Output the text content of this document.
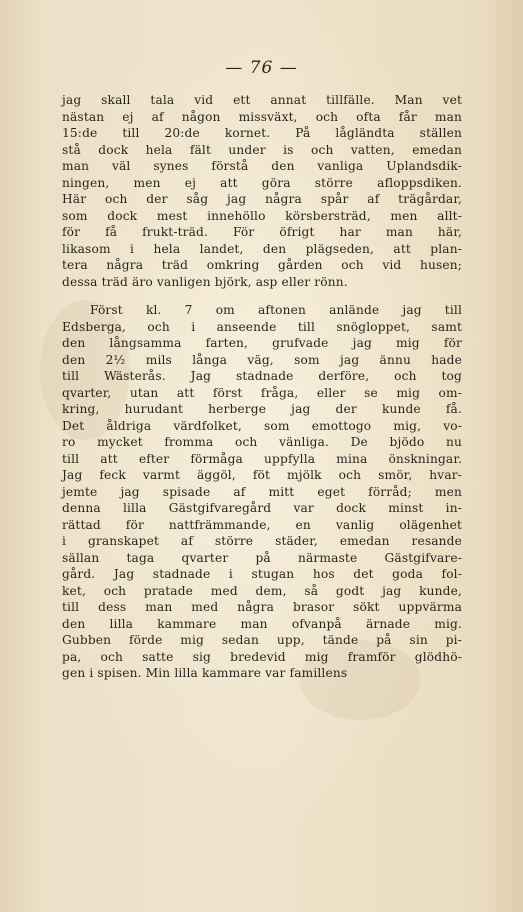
— 76 —
jag skall tala vid ett annat tillfälle. Man vet
nästan ej af någon missväxt, och ofta får man
15:de till 20:de kornet. På lågländta ställen
stå dock hela fält under is och vatten, emedan
man väl synes förstå den vanliga Uplandsdik-
ningen, men ej att göra större afloppsdiken.
Här och der såg jag några spår af trägårdar,
som dock mest innehöllo körsbersträd, men allt-
för få frukt-träd. För öfrigt har man här,
likasom i hela landet, den plägseden, att plan-
tera några träd omkring gården och vid husen;
dessa träd äro vanligen björk, asp eller rönn.
Först kl. 7 om aftonen anlände jag till
Edsberga, och i anseende till snögloppet, samt
den långsamma farten, grufvade jag mig för
den 2½ mils långa väg, som jag ännu hade
till Wästerås. Jag stadnade derföre, och tog
qvarter, utan att först fråga, eller se mig om-
kring, hurudant herberge jag der kunde få.
Det åldriga värdfolket, som emottogo mig, vo-
ro mycket fromma och vänliga. De bjödo nu
till att efter förmåga uppfylla mina önskningar.
Jag feck varmt äggöl, föt mjölk och smör, hvar-
jemte jag spisade af mitt eget förråd; men
denna lilla Gästgifvaregård var dock minst in-
rättad för nattfrämmande, en vanlig olägenhet
i granskapet af större städer, emedan resande
sällan taga qvarter på närmaste Gästgifvare-
gård. Jag stadnade i stugan hos det goda fol-
ket, och pratade med dem, så godt jag kunde,
till dess man med några brasor sökt uppvärma
den lilla kammare man ofvanpå ärnade mig.
Gubben förde mig sedan upp, tände på sin pi-
pa, och satte sig bredevid mig framför glödhö-
gen i spisen. Min lilla kammare var famillens
